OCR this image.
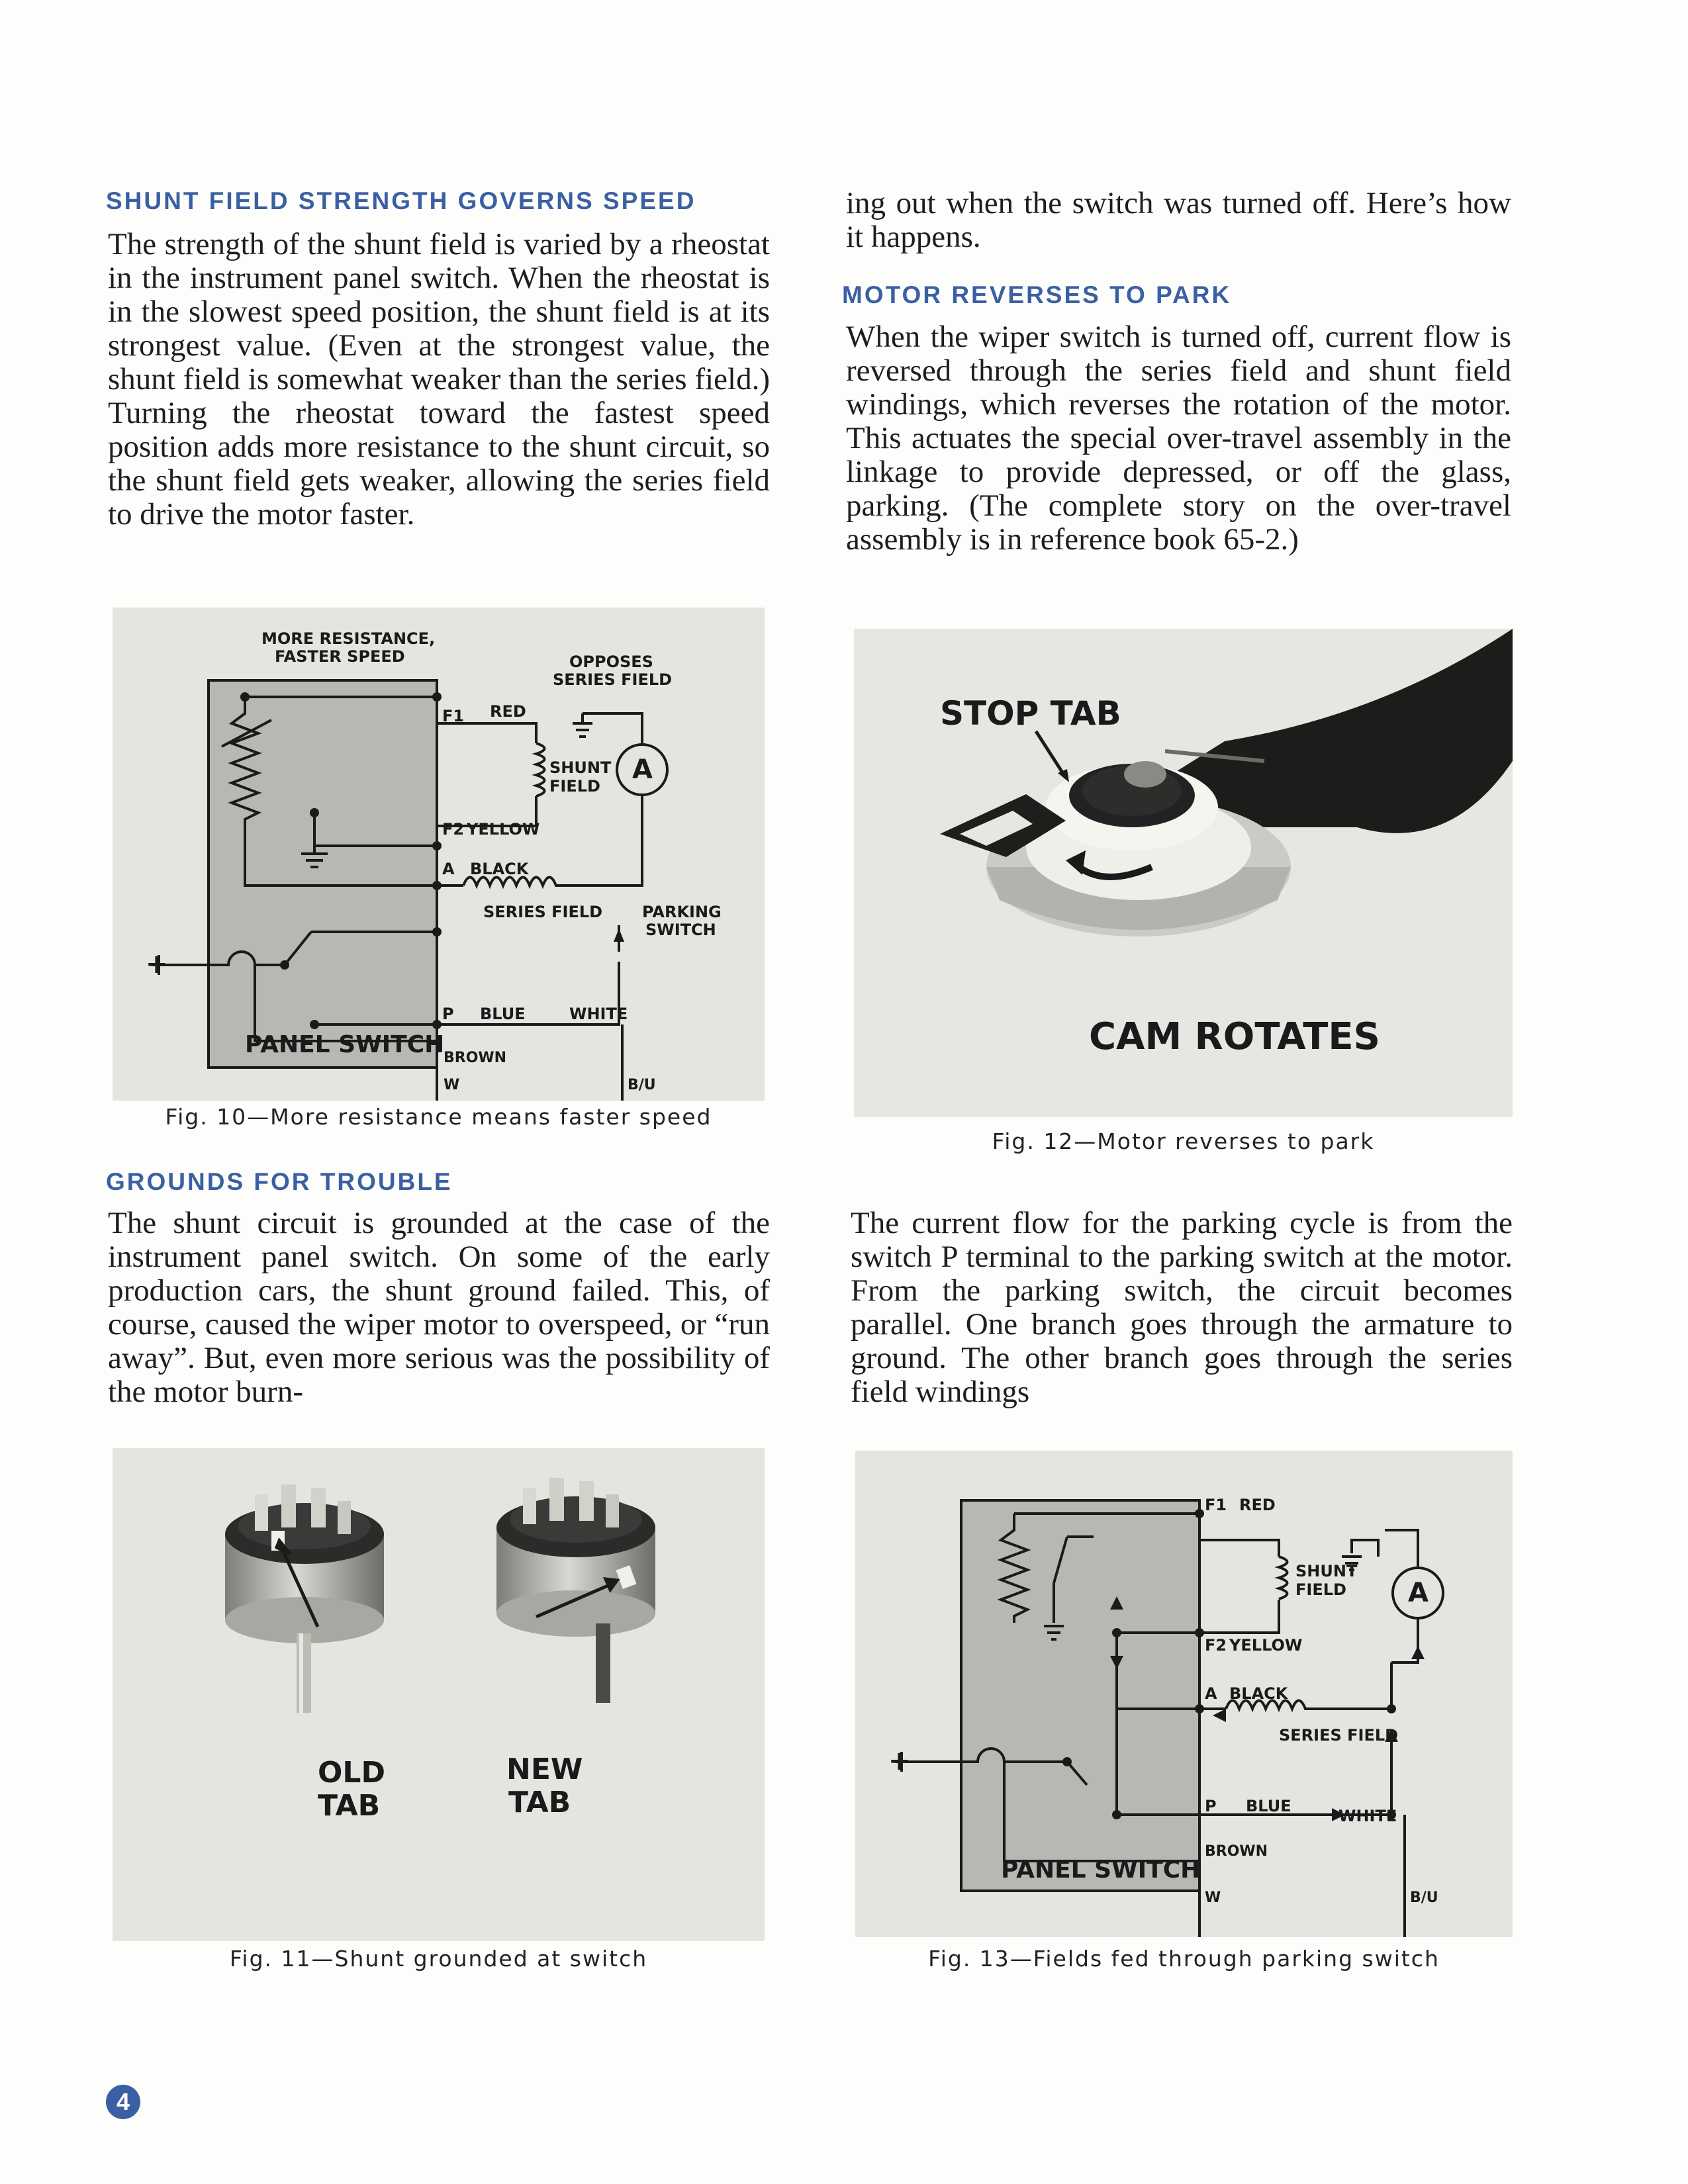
SHUNT FIELD STRENGTH GOVERNS SPEED

The strength of the shunt field is varied by a rheostat in the instrument panel switch. When the rheostat is in the slowest speed position, the shunt field is at its strongest value. (Even at the strongest value, the shunt field is somewhat weaker than the series field.) Turning the rheostat toward the fastest speed position adds more resistance to the shunt circuit, so the shunt field gets weaker, allowing the series field to drive the motor faster.

MORE RESISTANCE,
FASTER SPEED	OPPOSES
SERIES FIELD
F1 RED
SHUNT
FIELD
F2 YELLOW
A BLACK
SERIES FIELD PARKING
SWITCH
P BLUE	WHITE
BROWN
W	B/U
PANEL SWITCH
A
+
Fig. 10—More resistance means faster speed
GROUNDS FOR TROUBLE

The shunt circuit is grounded at the case of the instrument panel switch. On some of the early production cars, the shunt ground failed. This, of course, caused the wiper motor to overspeed, or “run away”. But, even more serious was the possibility of the motor burn-

OLD
TAB
NEW
TAB
Fig. 11—Shunt grounded at switch

ing out when the switch was turned off. Here’s how it happens.

MOTOR REVERSES TO PARK

When the wiper switch is turned off, current flow is reversed through the series field and shunt field windings, which reverses the rotation of the motor. This actuates the special over-travel assembly in the linkage to provide depressed, or off the glass, parking. (The complete story on the over-travel assembly is in reference book 65-2.)

STOP TAB
CAM ROTATES
Fig. 12—Motor reverses to park

The current flow for the parking cycle is from the switch P terminal to the parking switch at the motor. From the parking switch, the circuit becomes parallel. One branch goes through the armature to ground. The other branch goes through the series field windings

F1 RED
SHUNT
FIELD
F2 YELLOW
A BLACK
SERIES FIELD
P BLUE
WHITE
BROWN
W	B/U
PANEL SWITCH
A
+
Fig. 13—Fields fed through parking switch
4
